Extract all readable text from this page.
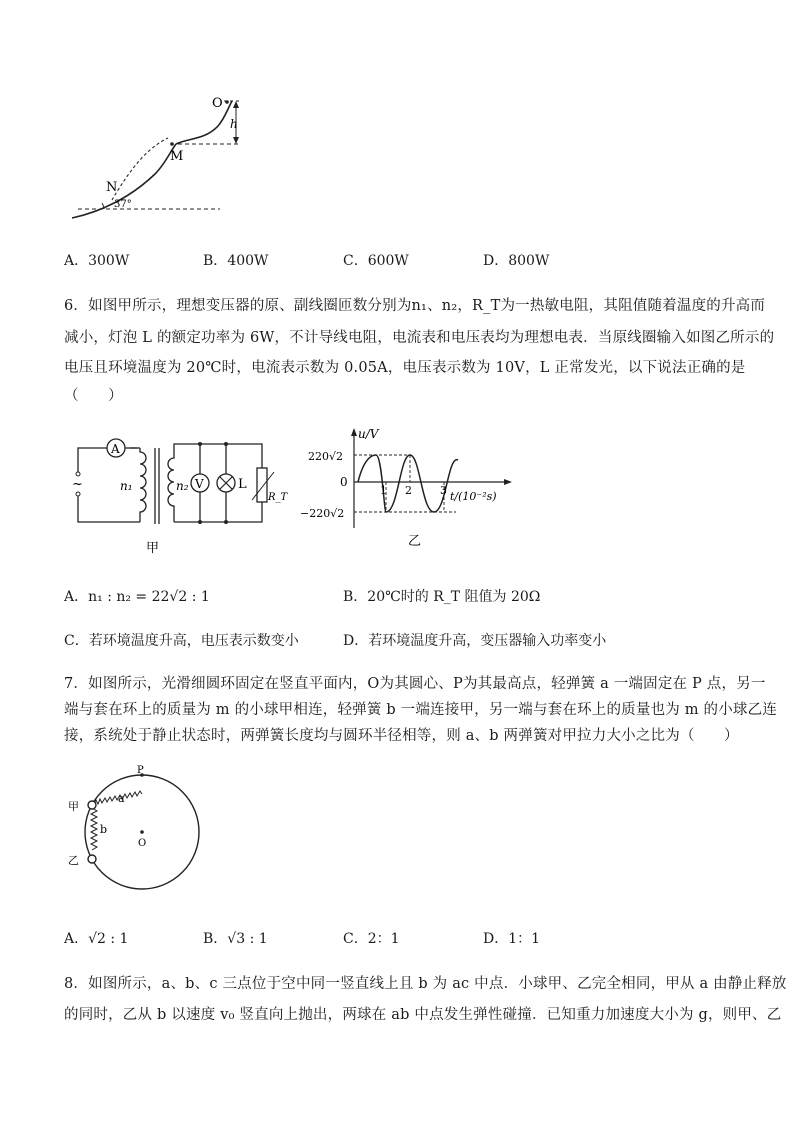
O
h
M
N
37°
A．300W	B．400W	C．600W	D．800W
6．如图甲所示，理想变压器的原、副线圈匝数分别为n₁、n₂，R_T为一热敏电阻，其阻值随着温度的升高而
减小，灯泡 L 的额定功率为 6W，不计导线电阻，电流表和电压表均为理想电表．当原线圈输入如图乙所示的
电压且环境温度为 20℃时，电流表示数为 0.05A，电压表示数为 10V，L 正常发光，以下说法正确的是
（　　）
A
~	n₁	n₂ V	L
R_T
甲
u/V
220√2
0
−220√2
t/(10⁻²s)
1 2	3
乙
A．n₁ : n₂ = 22√2 : 1	B．20℃时的 R_T 阻值为 20Ω
C．若环境温度升高，电压表示数变小	D．若环境温度升高，变压器输入功率变小
7．如图所示，光滑细圆环固定在竖直平面内，O为其圆心、P为其最高点，轻弹簧 a 一端固定在 P 点，另一
端与套在环上的质量为 m 的小球甲相连，轻弹簧 b 一端连接甲，另一端与套在环上的质量也为 m 的小球乙连
接，系统处于静止状态时，两弹簧长度均与圆环半径相等，则 a、b 两弹簧对甲拉力大小之比为（　　）
O
P
a
b
甲
乙
A．√2 : 1	B．√3 : 1	C．2：1	D．1：1
8．如图所示，a、b、c 三点位于空中同一竖直线上且 b 为 ac 中点．小球甲、乙完全相同，甲从 a 由静止释放
的同时，乙从 b 以速度 v₀ 竖直向上抛出，两球在 ab 中点发生弹性碰撞．已知重力加速度大小为 g，则甲、乙
